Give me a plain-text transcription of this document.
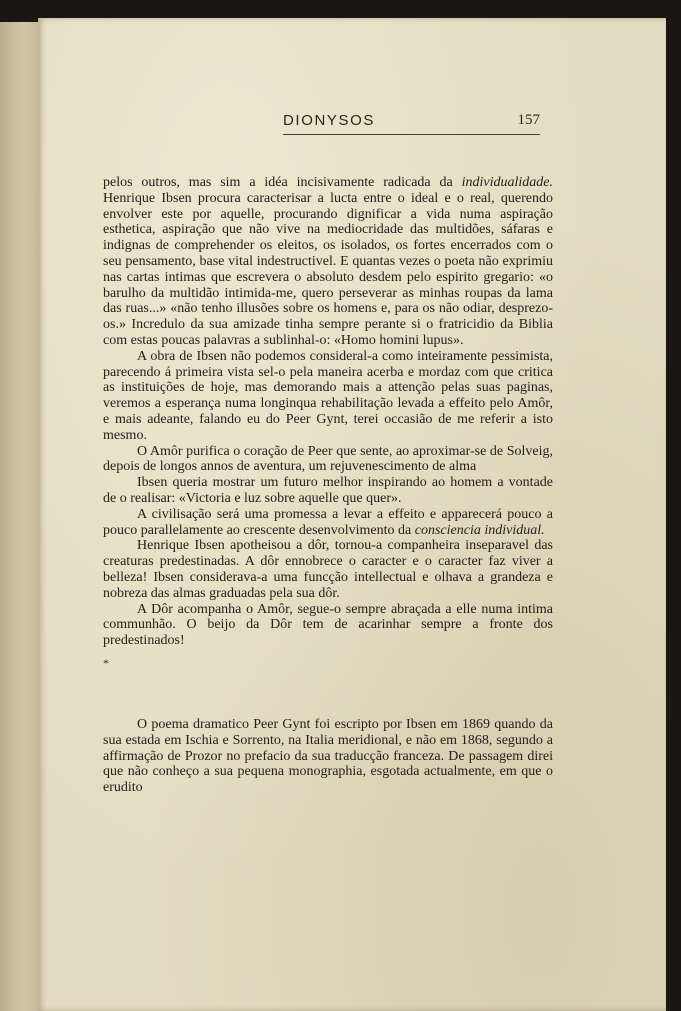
DIONYSOS	157

pelos outros, mas sim a idéa incisivamente radicada da individualidade. Henrique Ibsen procura caracterisar a lucta entre o ideal e o real, querendo envolver este por aquelle, procurando dignificar a vida numa aspiração esthetica, aspiração que não vive na mediocridade das multidões, sáfaras e indignas de comprehender os eleitos, os isolados, os fortes encerrados com o seu pensamento, base vital indestructivel. E quantas vezes o poeta não exprimiu nas cartas intimas que escrevera o absoluto desdem pelo espirito gregario: «o barulho da multidão intimida-me, quero perseverar as minhas roupas da lama das ruas...» «não tenho illusões sobre os homens e, para os não odiar, desprezo-os.» Incredulo da sua amizade tinha sempre perante si o fratricidio da Biblia com estas poucas palavras a sublinhal-o: «Homo homini lupus».

A obra de Ibsen não podemos consideral-a como inteiramente pessimista, parecendo á primeira vista sel-o pela maneira acerba e mordaz com que critica as instituições de hoje, mas demorando mais a attenção pelas suas paginas, veremos a esperança numa longinqua rehabilitação levada a effeito pelo Amôr, e mais adeante, falando eu do Peer Gynt, terei occasião de me referir a isto mesmo.

O Amôr purifica o coração de Peer que sente, ao aproximar-se de Solveig, depois de longos annos de aventura, um rejuvenescimento de alma

Ibsen queria mostrar um futuro melhor inspirando ao homem a vontade de o realisar: «Victoria e luz sobre aquelle que quer».

A civilisação será uma promessa a levar a effeito e apparecerá pouco a pouco parallelamente ao crescente desenvolvimento da consciencia individual.

Henrique Ibsen apotheisou a dôr, tornou-a companheira inseparavel das creaturas predestinadas. A dôr ennobrece o caracter e o caracter faz viver a belleza! Ibsen considerava-a uma funcção intellectual e olhava a grandeza e nobreza das almas graduadas pela sua dôr.

A Dôr acompanha o Amôr, segue-o sempre abraçada a elle numa intima communhão. O beijo da Dôr tem de acarinhar sempre a fronte dos predestinados!

*

O poema dramatico Peer Gynt foi escripto por Ibsen em 1869 quando da sua estada em Ischia e Sorrento, na Italia meridional, e não em 1868, segundo a affirmação de Prozor no prefacio da sua traducção franceza. De passagem direi que não conheço a sua pequena monographia, esgotada actualmente, em que o erudito
